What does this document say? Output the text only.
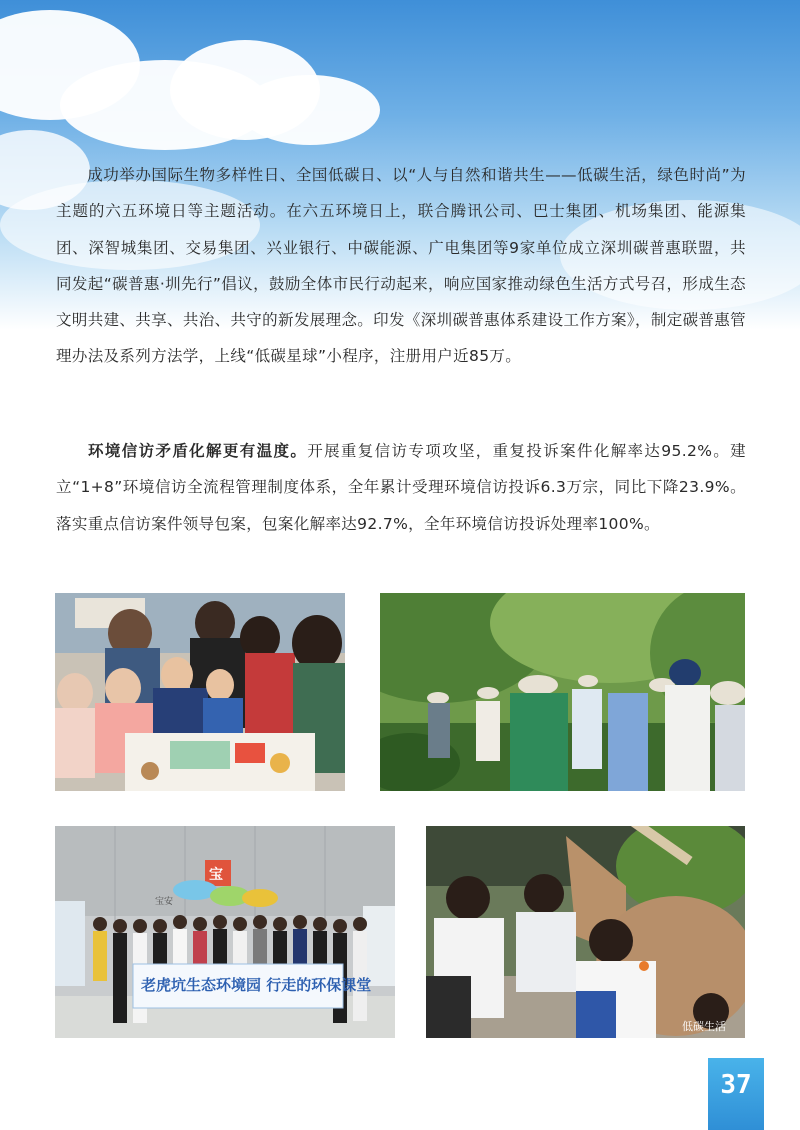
成功举办国际生物多样性日、全国低碳日、以“人与自然和谐共生——低碳生活，绿色时尚”为主题的六五环境日等主题活动。在六五环境日上，联合腾讯公司、巴士集团、机场集团、能源集团、深智城集团、交易集团、兴业银行、中碳能源、广电集团等9家单位成立深圳碳普惠联盟，共同发起“碳普惠·圳先行”倡议，鼓励全体市民行动起来，响应国家推动绿色生活方式号召，形成生态文明共建、共享、共治、共守的新发展理念。印发《深圳碳普惠体系建设工作方案》，制定碳普惠管理办法及系列方法学，上线“低碳星球”小程序，注册用户近85万。

环境信访矛盾化解更有温度。开展重复信访专项攻坚，重复投诉案件化解率达95.2%。建立“1+8”环境信访全流程管理制度体系，全年累计受理环境信访投诉6.3万宗，同比下降23.9%。落实重点信访案件领导包案，包案化解率达92.7%，全年环境信访投诉处理率100%。

宝
宝安
老虎坑生态环境园 行走的环保课堂
低碳生活
37
